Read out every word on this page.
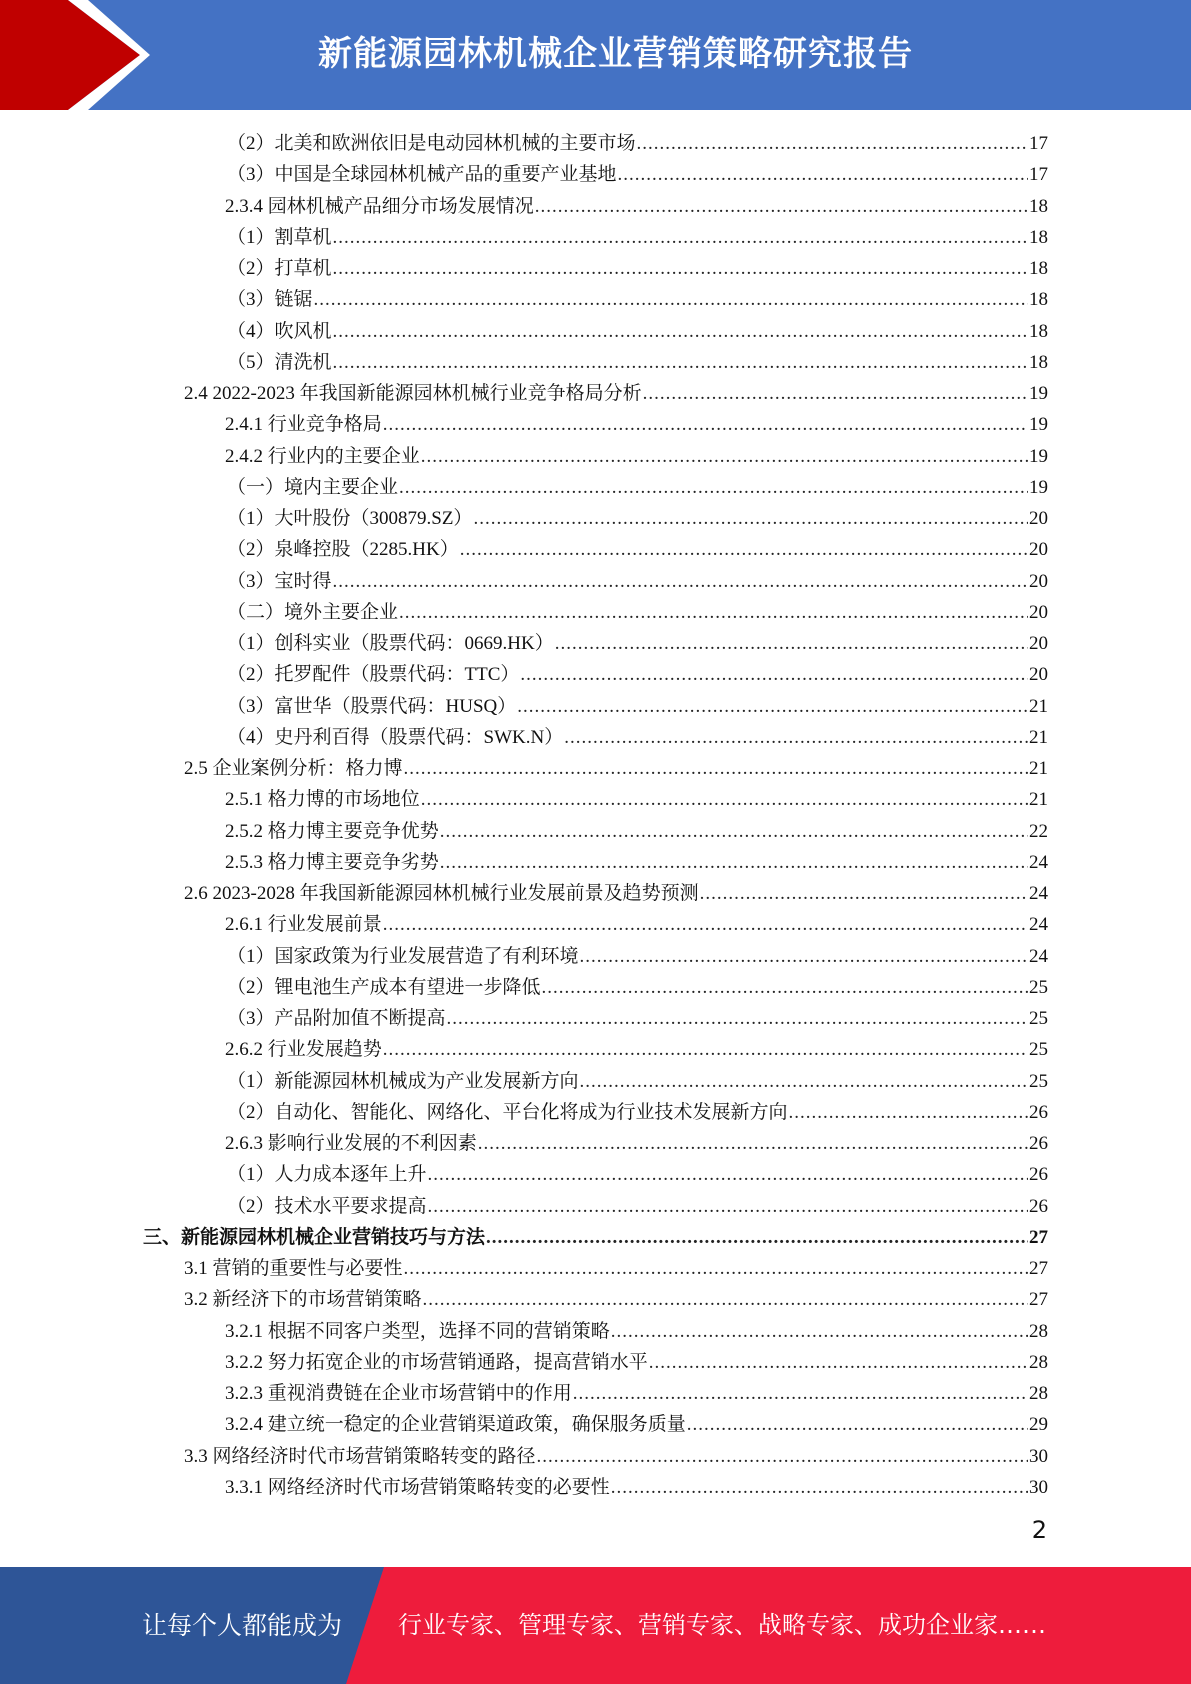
新能源园林机械企业营销策略研究报告
（2）北美和欧洲依旧是电动园林机械的主要市场 .....	17
（3）中国是全球园林机械产品的重要产业基地 .....	17
2.3.4 园林机械产品细分市场发展情况 .....	18
（1）割草机 .....	18
（2）打草机 .....	18
（3）链锯 .....	18
（4）吹风机 .....	18
（5）清洗机 .....	18
2.4 2022-2023 年我国新能源园林机械行业竞争格局分析 .....	19
2.4.1 行业竞争格局 .....	19
2.4.2 行业内的主要企业 .....	19
（一）境内主要企业 .....	19
（1）大叶股份（300879.SZ） .....	20
（2）泉峰控股（2285.HK） .....	20
（3）宝时得 .....	20
（二）境外主要企业 .....	20
（1）创科实业（股票代码：0669.HK） .....	20
（2）托罗配件（股票代码：TTC） .....	20
（3）富世华（股票代码：HUSQ） .....	21
（4）史丹利百得（股票代码：SWK.N） .....	21
2.5 企业案例分析：格力博 .....	21
2.5.1 格力博的市场地位 .....	21
2.5.2 格力博主要竞争优势 .....	22
2.5.3 格力博主要竞争劣势 .....	24
2.6 2023-2028 年我国新能源园林机械行业发展前景及趋势预测 .....	24
2.6.1 行业发展前景 .....	24
（1）国家政策为行业发展营造了有利环境 .....	24
（2）锂电池生产成本有望进一步降低 .....	25
（3）产品附加值不断提高 .....	25
2.6.2 行业发展趋势 .....	25
（1）新能源园林机械成为产业发展新方向 .....	25
（2）自动化、智能化、网络化、平台化将成为行业技术发展新方向 .....	26
2.6.3 影响行业发展的不利因素 .....	26
（1）人力成本逐年上升 .....	26
（2）技术水平要求提高 .....	26
三、新能源园林机械企业营销技巧与方法 .....	27
3.1 营销的重要性与必要性 .....	27
3.2 新经济下的市场营销策略 .....	27
3.2.1 根据不同客户类型，选择不同的营销策略 .....	28
3.2.2 努力拓宽企业的市场营销通路，提高营销水平 .....	28
3.2.3 重视消费链在企业市场营销中的作用 .....	28
3.2.4 建立统一稳定的企业营销渠道政策，确保服务质量 .....	29
3.3 网络经济时代市场营销策略转变的路径 .....	30
3.3.1 网络经济时代市场营销策略转变的必要性 .....	30
2
让每个人都能成为 行业专家、管理专家、营销专家、战略专家、成功企业家……
